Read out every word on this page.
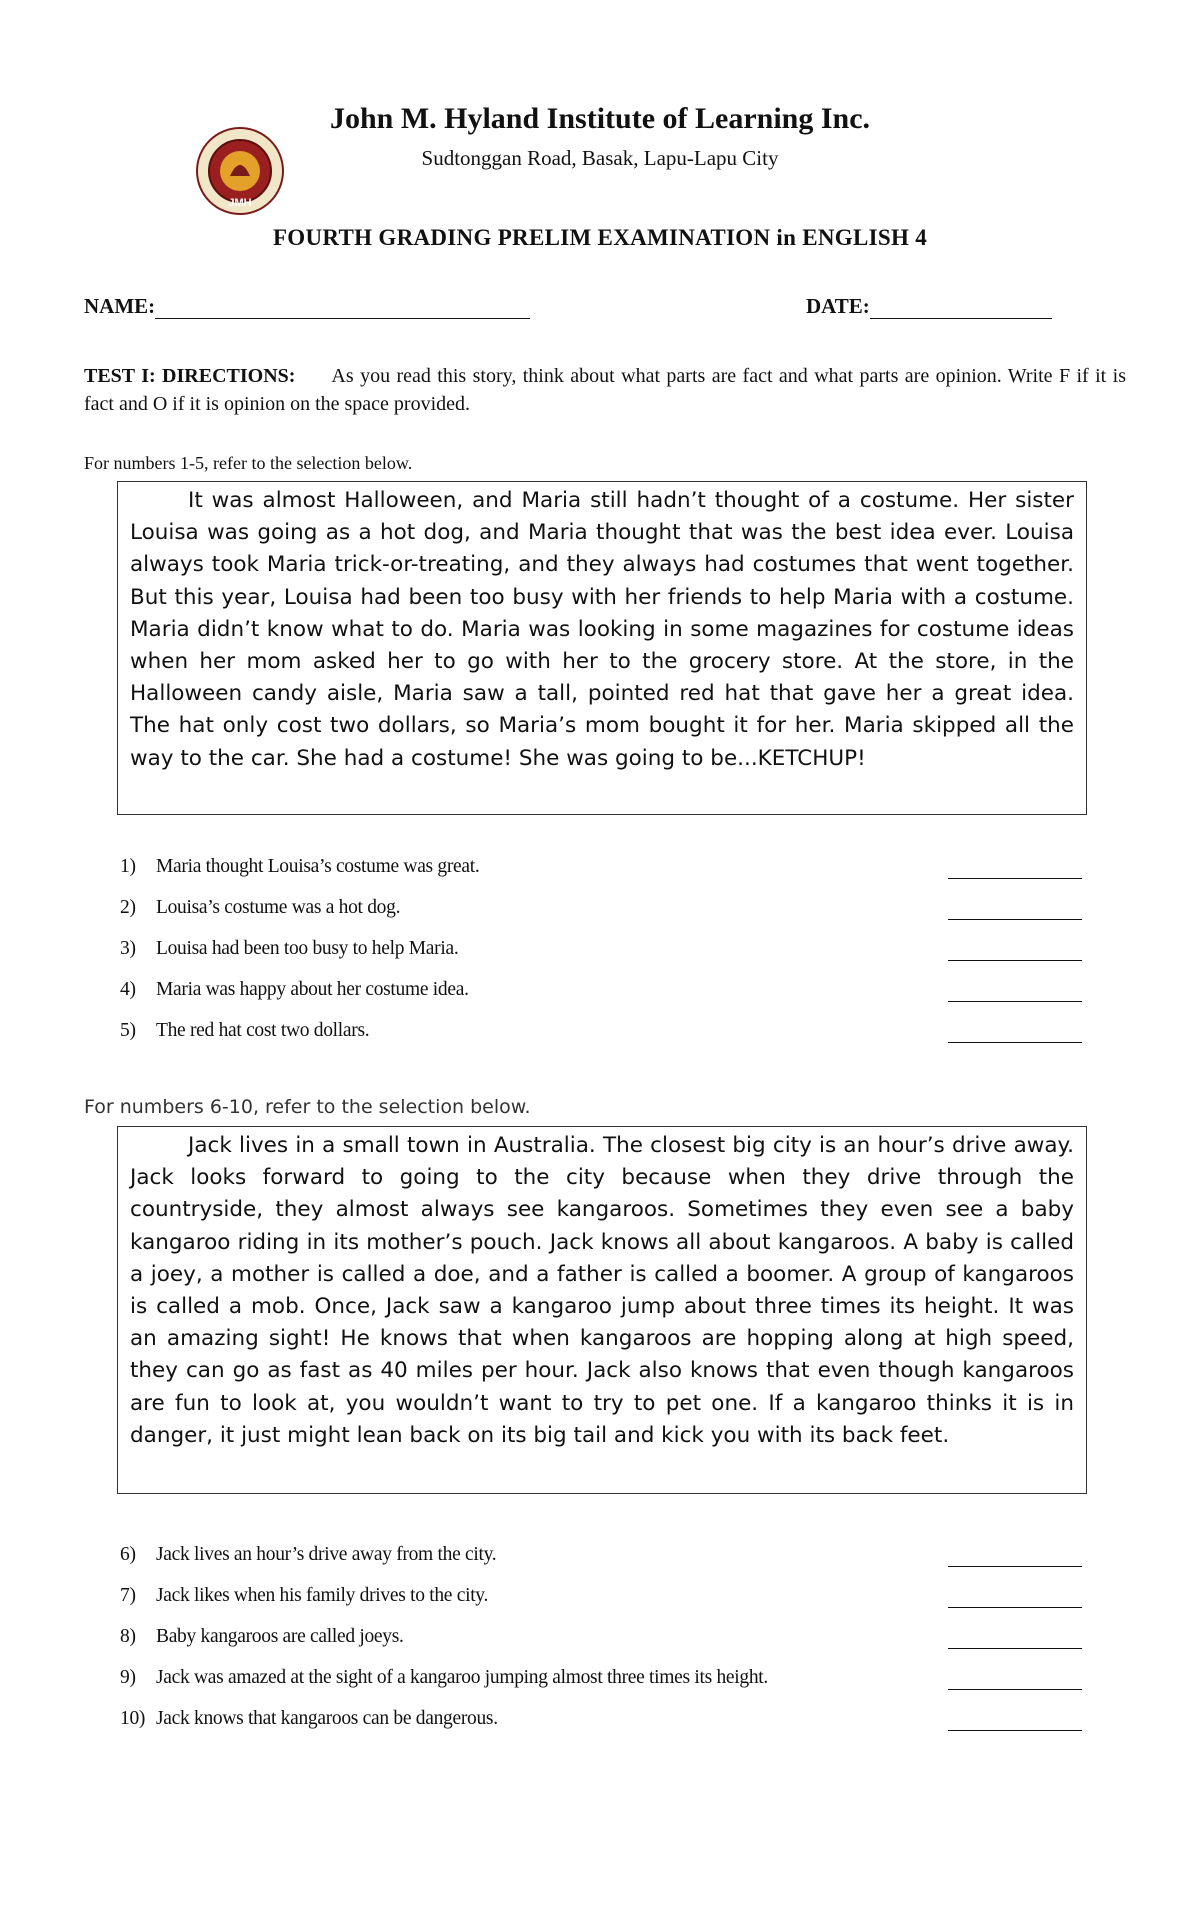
JMH
John M. Hyland Institute of Learning Inc.
Sudtonggan Road, Basak, Lapu-Lapu City
FOURTH GRADING PRELIM EXAMINATION in ENGLISH 4
NAME:	DATE:
TEST I: DIRECTIONS: As you read this story, think about what parts are fact and what parts are opinion. Write F if it is fact and O if it is opinion on the space provided.
For numbers 1-5, refer to the selection below.

It was almost Halloween, and Maria still hadn’t thought of a costume. Her sister Louisa was going as a hot dog, and Maria thought that was the best idea ever. Louisa always took Maria trick-or-treating, and they always had costumes that went together. But this year, Louisa had been too busy with her friends to help Maria with a costume. Maria didn’t know what to do. Maria was looking in some magazines for costume ideas when her mom asked her to go with her to the grocery store. At the store, in the Halloween candy aisle, Maria saw a tall, pointed red hat that gave her a great idea. The hat only cost two dollars, so Maria’s mom bought it for her. Maria skipped all the way to the car. She had a costume! She was going to be...KETCHUP!

1)	Maria thought Louisa’s costume was great.
2)	Louisa’s costume was a hot dog.
3)	Louisa had been too busy to help Maria.
4)	Maria was happy about her costume idea.
5)	The red hat cost two dollars.
For numbers 6-10, refer to the selection below.

Jack lives in a small town in Australia. The closest big city is an hour’s drive away. Jack looks forward to going to the city because when they drive through the countryside, they almost always see kangaroos. Sometimes they even see a baby kangaroo riding in its mother’s pouch. Jack knows all about kangaroos. A baby is called a joey, a mother is called a doe, and a father is called a boomer. A group of kangaroos is called a mob. Once, Jack saw a kangaroo jump about three times its height. It was an amazing sight! He knows that when kangaroos are hopping along at high speed, they can go as fast as 40 miles per hour. Jack also knows that even though kangaroos are fun to look at, you wouldn’t want to try to pet one. If a kangaroo thinks it is in danger, it just might lean back on its big tail and kick you with its back feet.

6)	Jack lives an hour’s drive away from the city.
7)	Jack likes when his family drives to the city.
8)	Baby kangaroos are called joeys.
9)	Jack was amazed at the sight of a kangaroo jumping almost three times its height.
10) Jack knows that kangaroos can be dangerous.
